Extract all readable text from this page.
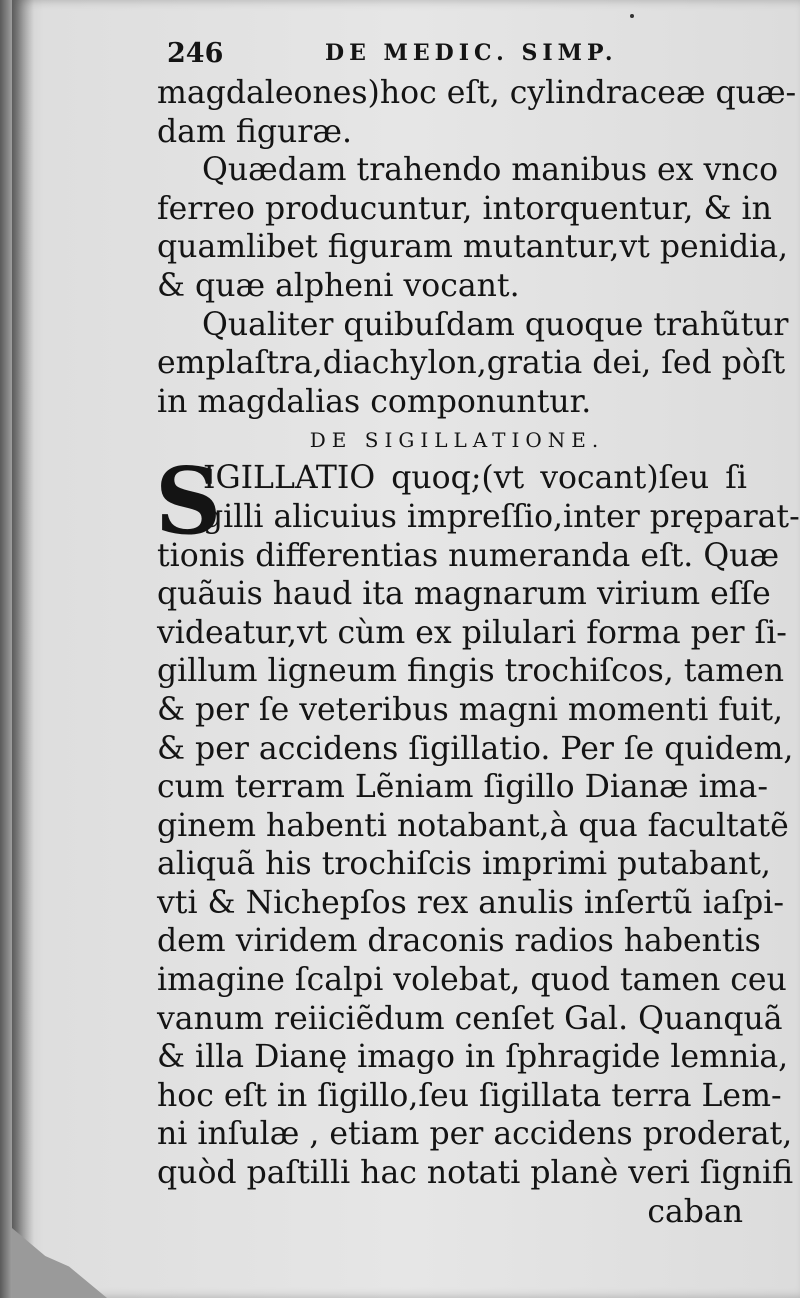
246	DE MEDIC. SIMP.
magdaleones)hoc eſt, cylindraceæ quæ-
dam figuræ.
Quædam trahendo manibus ex vnco
ferreo producuntur, intorquentur, & in
quamlibet figuram mutantur,vt penidia,
& quæ alpheni vocant.
Qualiter quibuſdam quoque trahũtur
emplaſtra,diachylon,gratia dei, ſed pòſt
in magdalias componuntur.
DE SIGILLATIONE.
S
IGILLATIO quoq;(vt vocant)ſeu ſi
gilli alicuius impreſſio,inter pręparat-
tionis differentias numeranda eſt. Quæ
quãuis haud ita magnarum virium eſſe
videatur,vt cùm ex pilulari forma per ſi-
gillum ligneum fingis trochiſcos, tamen
& per ſe veteribus magni momenti fuit,
& per accidens ſigillatio. Per ſe quidem,
cum terram Lẽniam ſigillo Dianæ ima-
ginem habenti notabant,à qua facultatẽ
aliquã his trochiſcis imprimi putabant,
vti & Nichepſos rex anulis inſertũ iaſpi-
dem viridem draconis radios habentis
imagine ſcalpi volebat, quod tamen ceu
vanum reiiciẽdum cenſet Gal. Quanquã
& illa Dianę imago in ſphragide lemnia,
hoc eſt in ſigillo,ſeu ſigillata terra Lem-
ni inſulæ , etiam per accidens proderat,
quòd paſtilli hac notati planè veri ſignifi
caban
